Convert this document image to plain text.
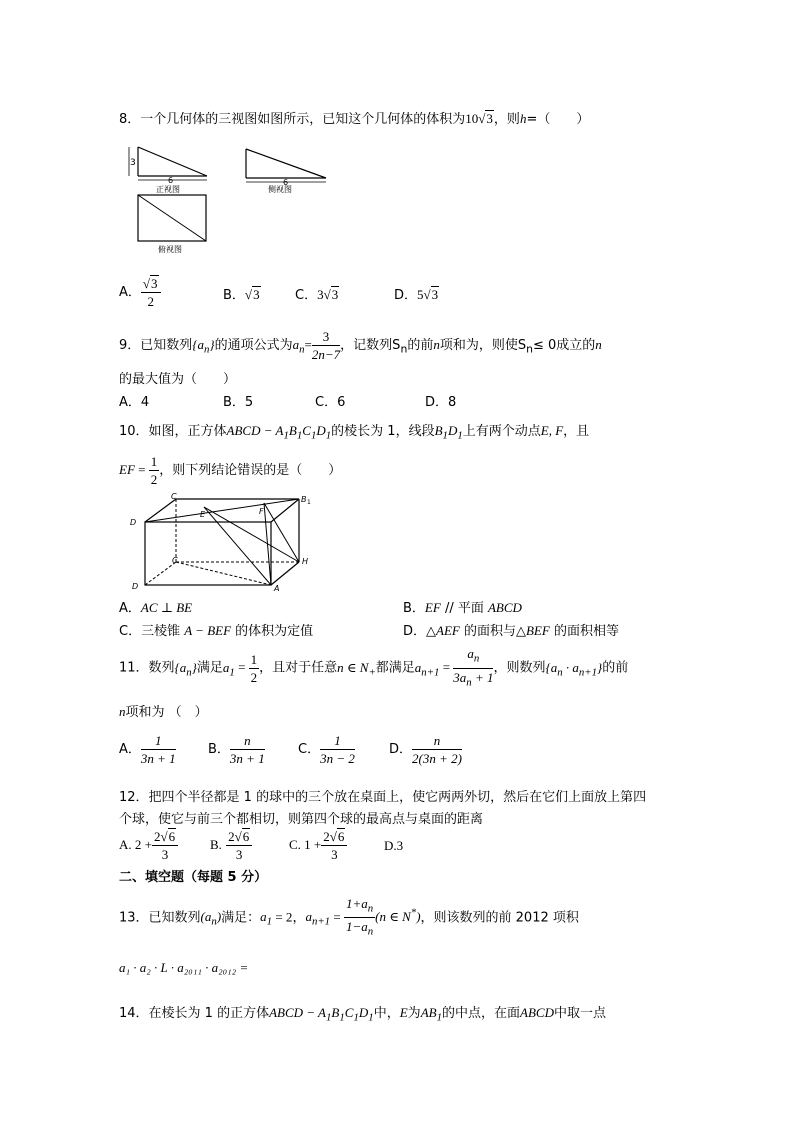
8．一个几何体的三视图如图所示，已知这个几何体的体积为10√3，则h=（　　）
3
6
正视图
6
侧视图
俯视图
A． $\frac{√3}{2}$	B．√3	C．3√3	D．5√3
9．已知数列$\{a_n\}$的通项公式为$a_n= \frac{3}{2n-7}$ ，记数列$S_n$的前n项和为，则使$S_n\le 0$成立的n
的最大值为（　　）
A．4	B．5	C．6	D．8
10．如图，正方体ABCD − $A_1B_1C_1D_1$的棱长为 1，线段$B_1D_1$上有两个动点E, F，且
EF = $\frac{1}{2}$ ，则下列结论错误的是（　　）
C	B 1
D
E	F
C
D	A
H
A．AC ⊥ BE	B．EF // 平面 ABCD
C．三棱锥 A − BEF 的体积为定值	D．△AEF 的面积与△BEF 的面积相等
11．数列$\{a_n\}$满足$a_1 = \frac{1}{2}$ ，且对于任意n ∈ $N_+$都满足$a_{n+1} = \frac{a_n}{3a_n + 1}$ ，则数列$\{a_n \cdot a_{n+1}\}$的前
n项和为 （　）
A． $\frac{1}{3n + 1}$ B． $\frac{n}{3n + 1}$	C． $\frac{1}{3n - 2}$	D． $\frac{n}{2(3n + 2)}$
12．把四个半径都是 1 的球中的三个放在桌面上，使它两两外切，然后在它们上面放上第四
个球，使它与前三个都相切，则第四个球的最高点与桌面的距离
A. $2 + \frac{2√6}{3} B$. $\frac{2√6}{3}$	C. $1 + \frac{2√6}{3}$	D.3
二、填空题（每题 5 分）
13．已知数列$(a_n)$满足：$a_1 = 2$，$a_{n+1} = \frac{1+a_n}{1-a_n} (n$ ∈ N*)，则该数列的前 2012 项积
a₁ · a₂ · L · a₂₀₁₁ · a₂₀₁₂ =
14．在棱长为 1 的正方体ABCD − $A_1B_1C_1D_1$中，E为$AB_1$的中点，在面ABCD中取一点
